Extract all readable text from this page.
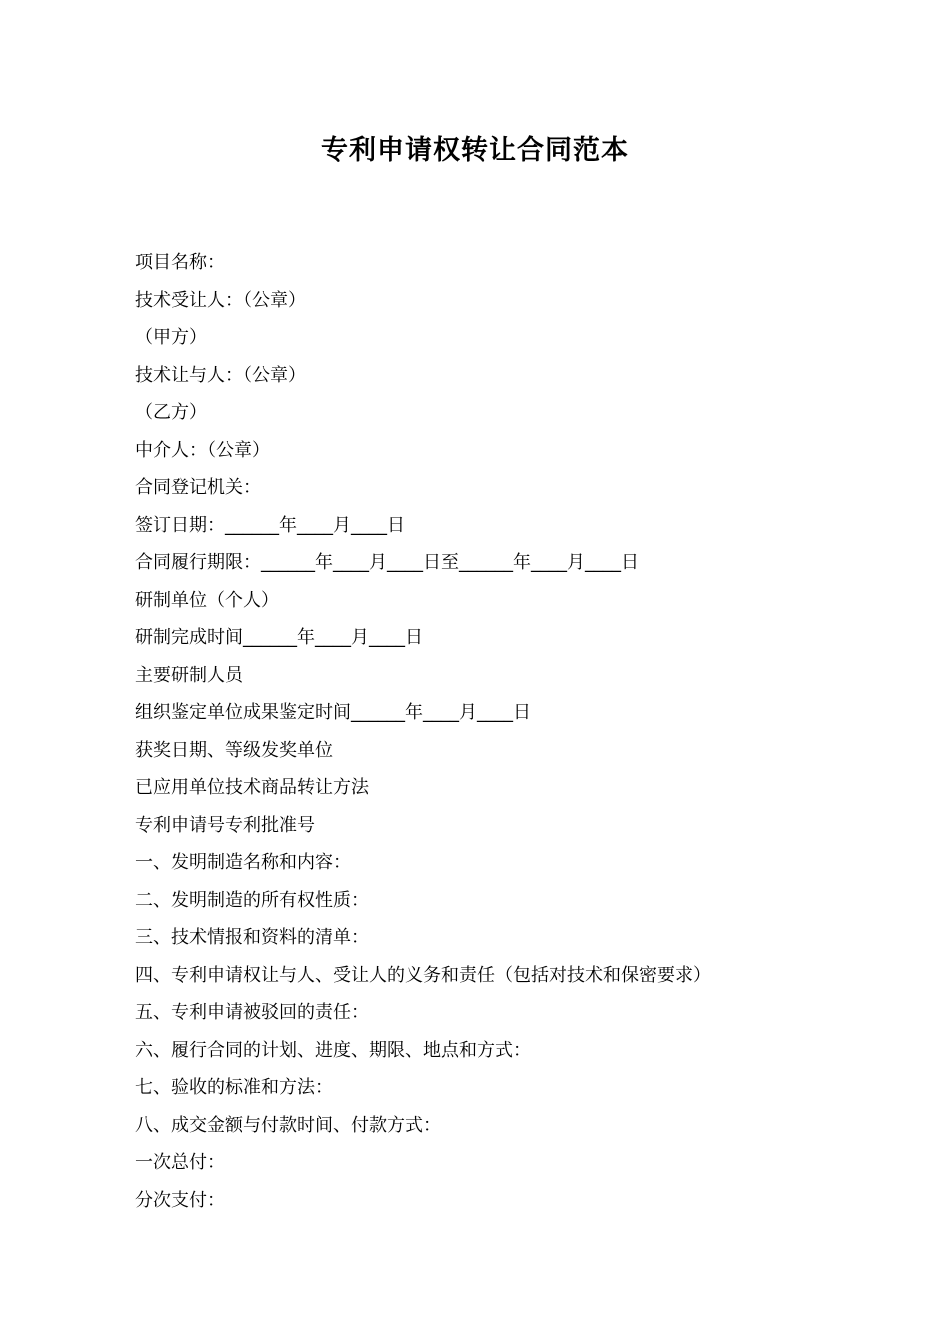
专利申请权转让合同范本
项目名称：
技术受让人：（公章）
（甲方）
技术让与人：（公章）
（乙方）
中介人：（公章）
合同登记机关：
签订日期：______年____月____日
合同履行期限：______年____月____日至______年____月____日
研制单位（个人）
研制完成时间______年____月____日
主要研制人员
组织鉴定单位成果鉴定时间______年____月____日
获奖日期、等级发奖单位
已应用单位技术商品转让方法
专利申请号专利批准号
一、发明制造名称和内容：
二、发明制造的所有权性质：
三、技术情报和资料的清单：
四、专利申请权让与人、受让人的义务和责任（包括对技术和保密要求）
五、专利申请被驳回的责任：
六、履行合同的计划、进度、期限、地点和方式：
七、验收的标准和方法：
八、成交金额与付款时间、付款方式：
一次总付：
分次支付：
